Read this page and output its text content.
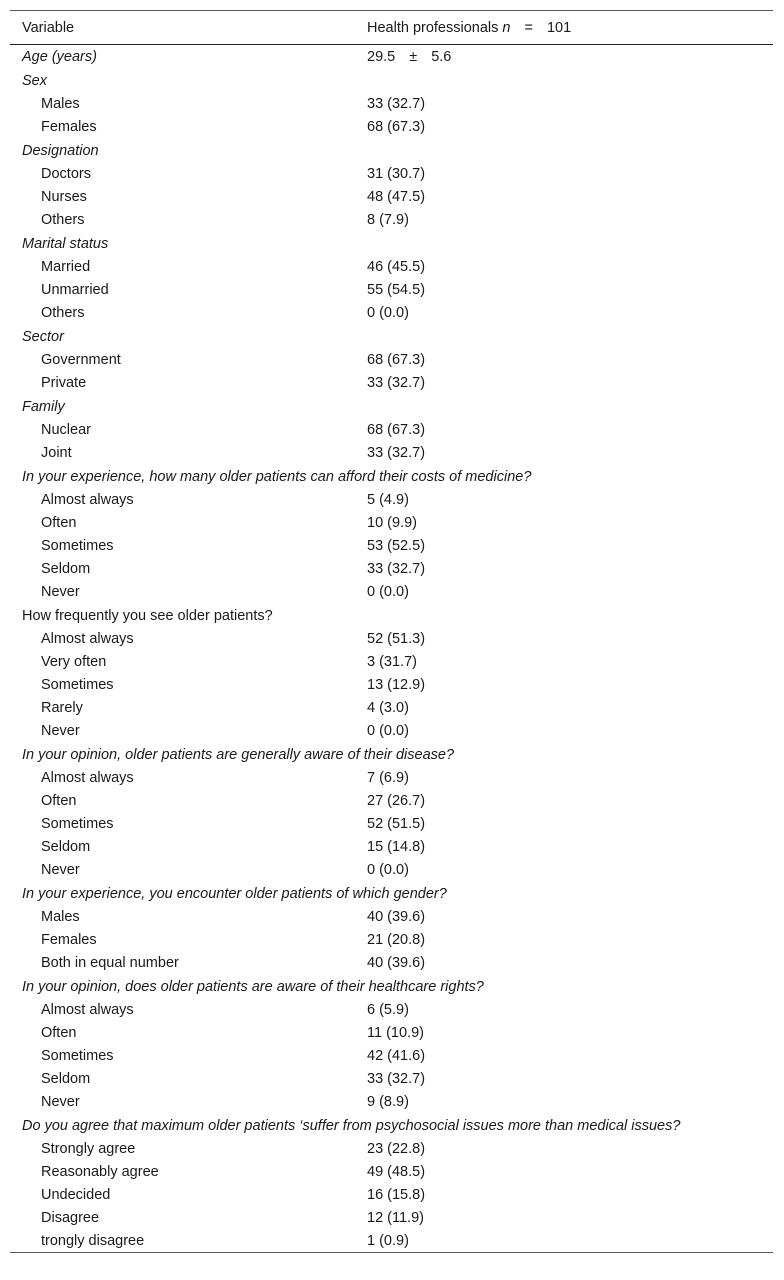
Variable	Health professionals n = 101
Age (years)	29.5 ± 5.6
Sex
Males	33 (32.7)
Females	68 (67.3)
Designation
Doctors	31 (30.7)
Nurses	48 (47.5)
Others	8 (7.9)
Marital status
Married	46 (45.5)
Unmarried	55 (54.5)
Others	0 (0.0)
Sector
Government	68 (67.3)
Private	33 (32.7)
Family
Nuclear	68 (67.3)
Joint	33 (32.7)
In your experience, how many older patients can afford their costs of medicine?
Almost always	5 (4.9)
Often	10 (9.9)
Sometimes	53 (52.5)
Seldom	33 (32.7)
Never	0 (0.0)
How frequently you see older patients?
Almost always	52 (51.3)
Very often	3 (31.7)
Sometimes	13 (12.9)
Rarely	4 (3.0)
Never	0 (0.0)
In your opinion, older patients are generally aware of their disease?
Almost always	7 (6.9)
Often	27 (26.7)
Sometimes	52 (51.5)
Seldom	15 (14.8)
Never	0 (0.0)
In your experience, you encounter older patients of which gender?
Males	40 (39.6)
Females	21 (20.8)
Both in equal number	40 (39.6)
In your opinion, does older patients are aware of their healthcare rights?
Almost always	6 (5.9)
Often	11 (10.9)
Sometimes	42 (41.6)
Seldom	33 (32.7)
Never	9 (8.9)
Do you agree that maximum older patients ‘suffer from psychosocial issues more than medical issues?
Strongly agree	23 (22.8)
Reasonably agree	49 (48.5)
Undecided	16 (15.8)
Disagree	12 (11.9)
trongly disagree	1 (0.9)
